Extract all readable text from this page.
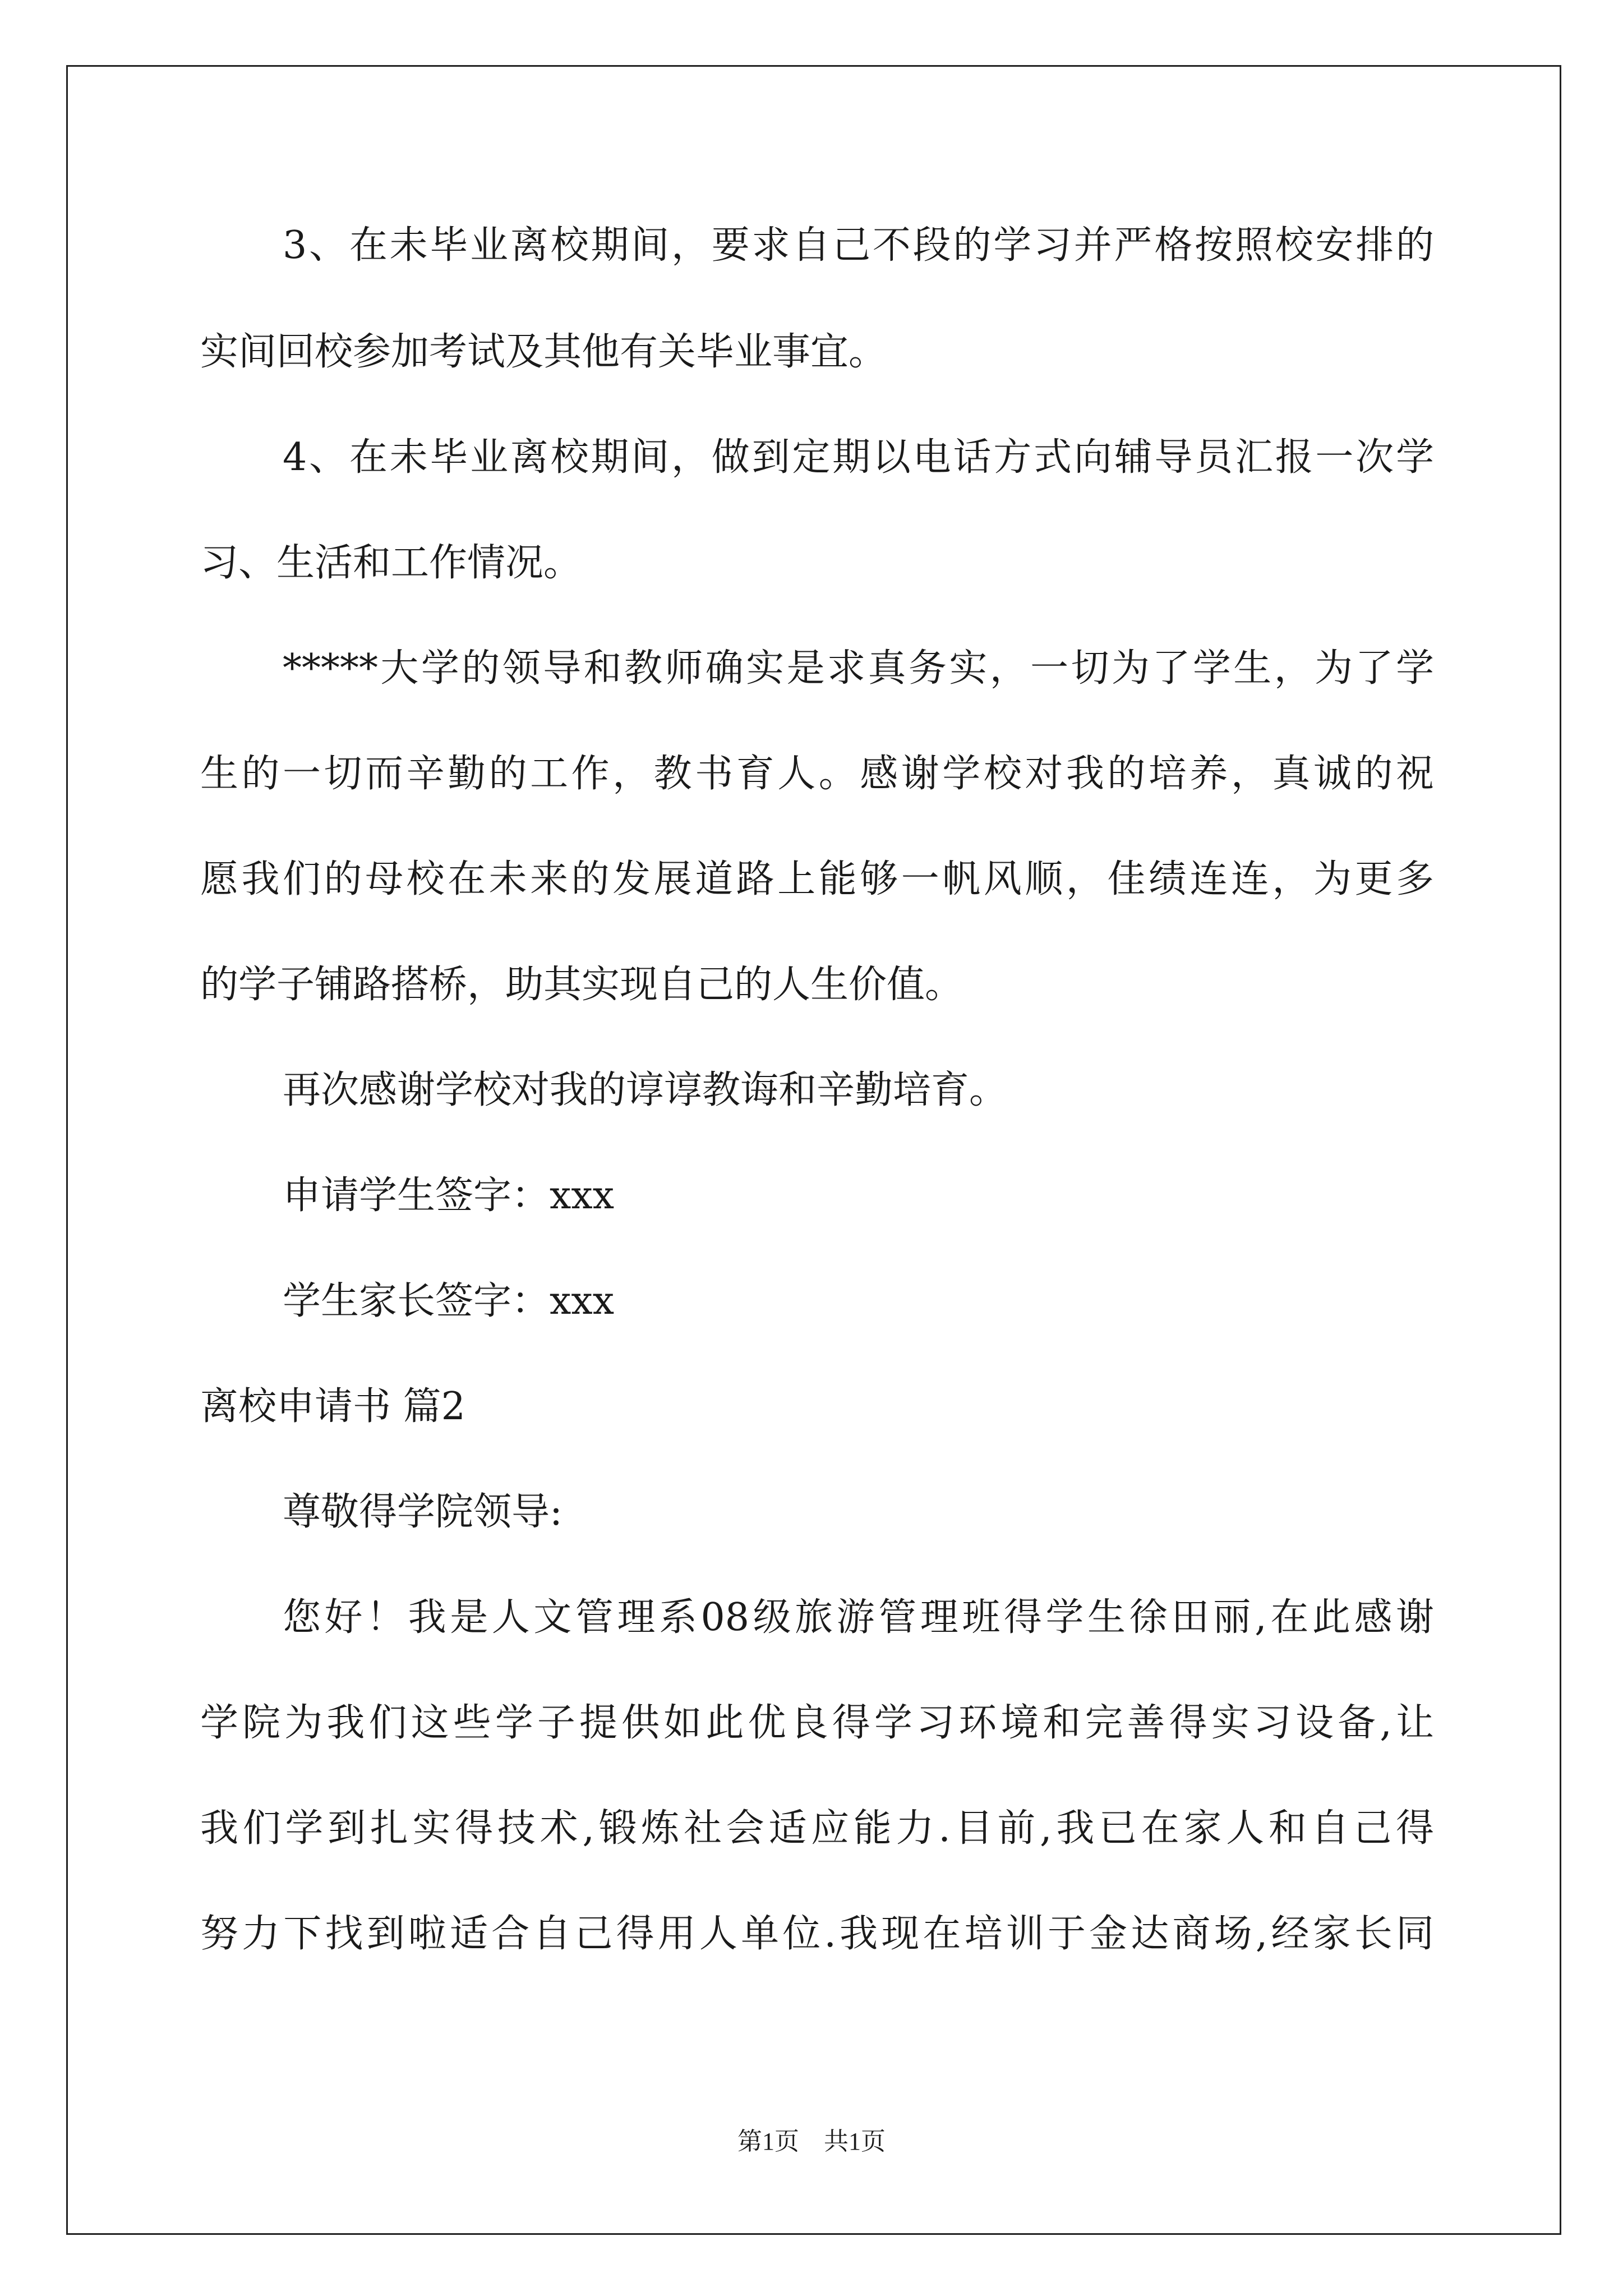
3、在未毕业离校期间，要求自己不段的学习并严格按照校安排的
实间回校参加考试及其他有关毕业事宜。
4、在未毕业离校期间，做到定期以电话方式向辅导员汇报一次学
习、生活和工作情况。
*****大学的领导和教师确实是求真务实，一切为了学生，为了学
生的一切而辛勤的工作，教书育人。感谢学校对我的培养，真诚的祝
愿我们的母校在未来的发展道路上能够一帆风顺，佳绩连连，为更多
的学子铺路搭桥，助其实现自己的人生价值。
再次感谢学校对我的谆谆教诲和辛勤培育。
申请学生签字：xxx
学生家长签字：xxx
离校申请书 篇2
尊敬得学院领导:
您好！我是人文管理系08级旅游管理班得学生徐田丽,在此感谢
学院为我们这些学子提供如此优良得学习环境和完善得实习设备,让
我们学到扎实得技术,锻炼社会适应能力.目前,我已在家人和自己得
努力下找到啦适合自己得用人单位.我现在培训于金达商场,经家长同
第1页　共1页
